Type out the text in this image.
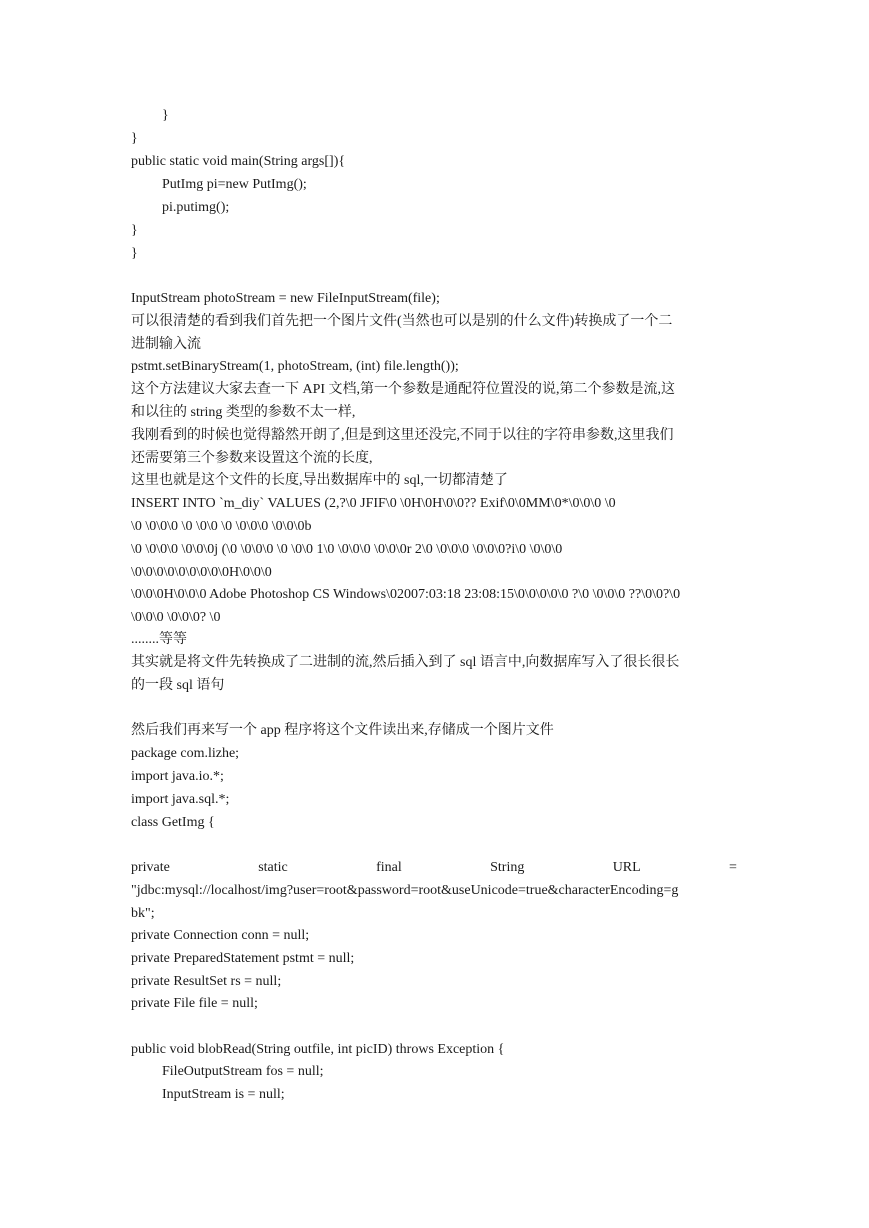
}
}
public static void main(String args[]){
PutImg pi=new PutImg();
pi.putimg();
}
}
InputStream photoStream = new FileInputStream(file);
可以很清楚的看到我们首先把一个图片文件(当然也可以是别的什么文件)转换成了一个二
进制输入流
pstmt.setBinaryStream(1, photoStream, (int) file.length());
这个方法建议大家去查一下 API 文档,第一个参数是通配符位置没的说,第二个参数是流,这
和以往的 string 类型的参数不太一样,
我刚看到的时候也觉得豁然开朗了,但是到这里还没完,不同于以往的字符串参数,这里我们
还需要第三个参数来设置这个流的长度,
这里也就是这个文件的长度,导出数据库中的 sql,一切都清楚了
INSERT INTO `m_diy` VALUES (2,?\0 JFIF\0 \0H\0H\0\0?? Exif\0\0MM\0*\0\0\0 \0
\0 \0\0\0 \0 \0\0 \0 \0\0\0 \0\0\0b
\0 \0\0\0 \0\0\0j (\0 \0\0\0 \0 \0\0 1\0 \0\0\0 \0\0\0r 2\0 \0\0\0 \0\0\0?i\0 \0\0\0
\0\0\0\0\0\0\0\0\0H\0\0\0
\0\0\0H\0\0\0 Adobe Photoshop CS Windows\02007:03:18 23:08:15\0\0\0\0\0 ?\0 \0\0\0 ??\0\0?\0
\0\0\0 \0\0\0? \0
........等等
其实就是将文件先转换成了二进制的流,然后插入到了 sql 语言中,向数据库写入了很长很长
的一段 sql 语句
然后我们再来写一个 app 程序将这个文件读出来,存储成一个图片文件
package com.lizhe;
import java.io.*;
import java.sql.*;
class GetImg {
private	static	final	String	URL	=
"jdbc:mysql://localhost/img?user=root&password=root&useUnicode=true&characterEncoding=g
bk";
private Connection conn = null;
private PreparedStatement pstmt = null;
private ResultSet rs = null;
private File file = null;
public void blobRead(String outfile, int picID) throws Exception {
FileOutputStream fos = null;
InputStream is = null;
